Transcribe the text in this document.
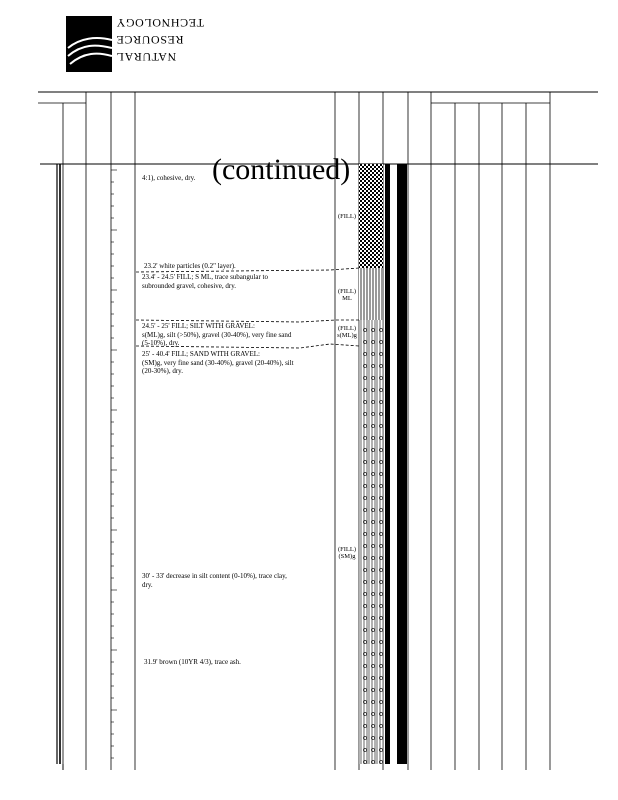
TECHNOLOGY
RESOURCE
NATURAL
(continued)
4:1), cohesive, dry.
23.2' white particles (0.2" layer).
23.4' - 24.5' FILL; S ML, trace subangular to
subrounded gravel, cohesive, dry.
24.5' - 25' FILL; SILT WITH GRAVEL:
s(ML)g, silt (>50%), gravel (30-40%), very fine sand
(5-10%), dry.
25' - 40.4' FILL; SAND WITH GRAVEL:
(SM)g, very fine sand (30-40%), gravel (20-40%), silt
(20-30%), dry.
30' - 33' decrease in silt content (0-10%), trace clay,
dry.
31.9' brown (10YR 4/3), trace ash.
(FILL)
(FILL)
ML
(FILL)
s(ML)g
(FILL)
(SM)g
